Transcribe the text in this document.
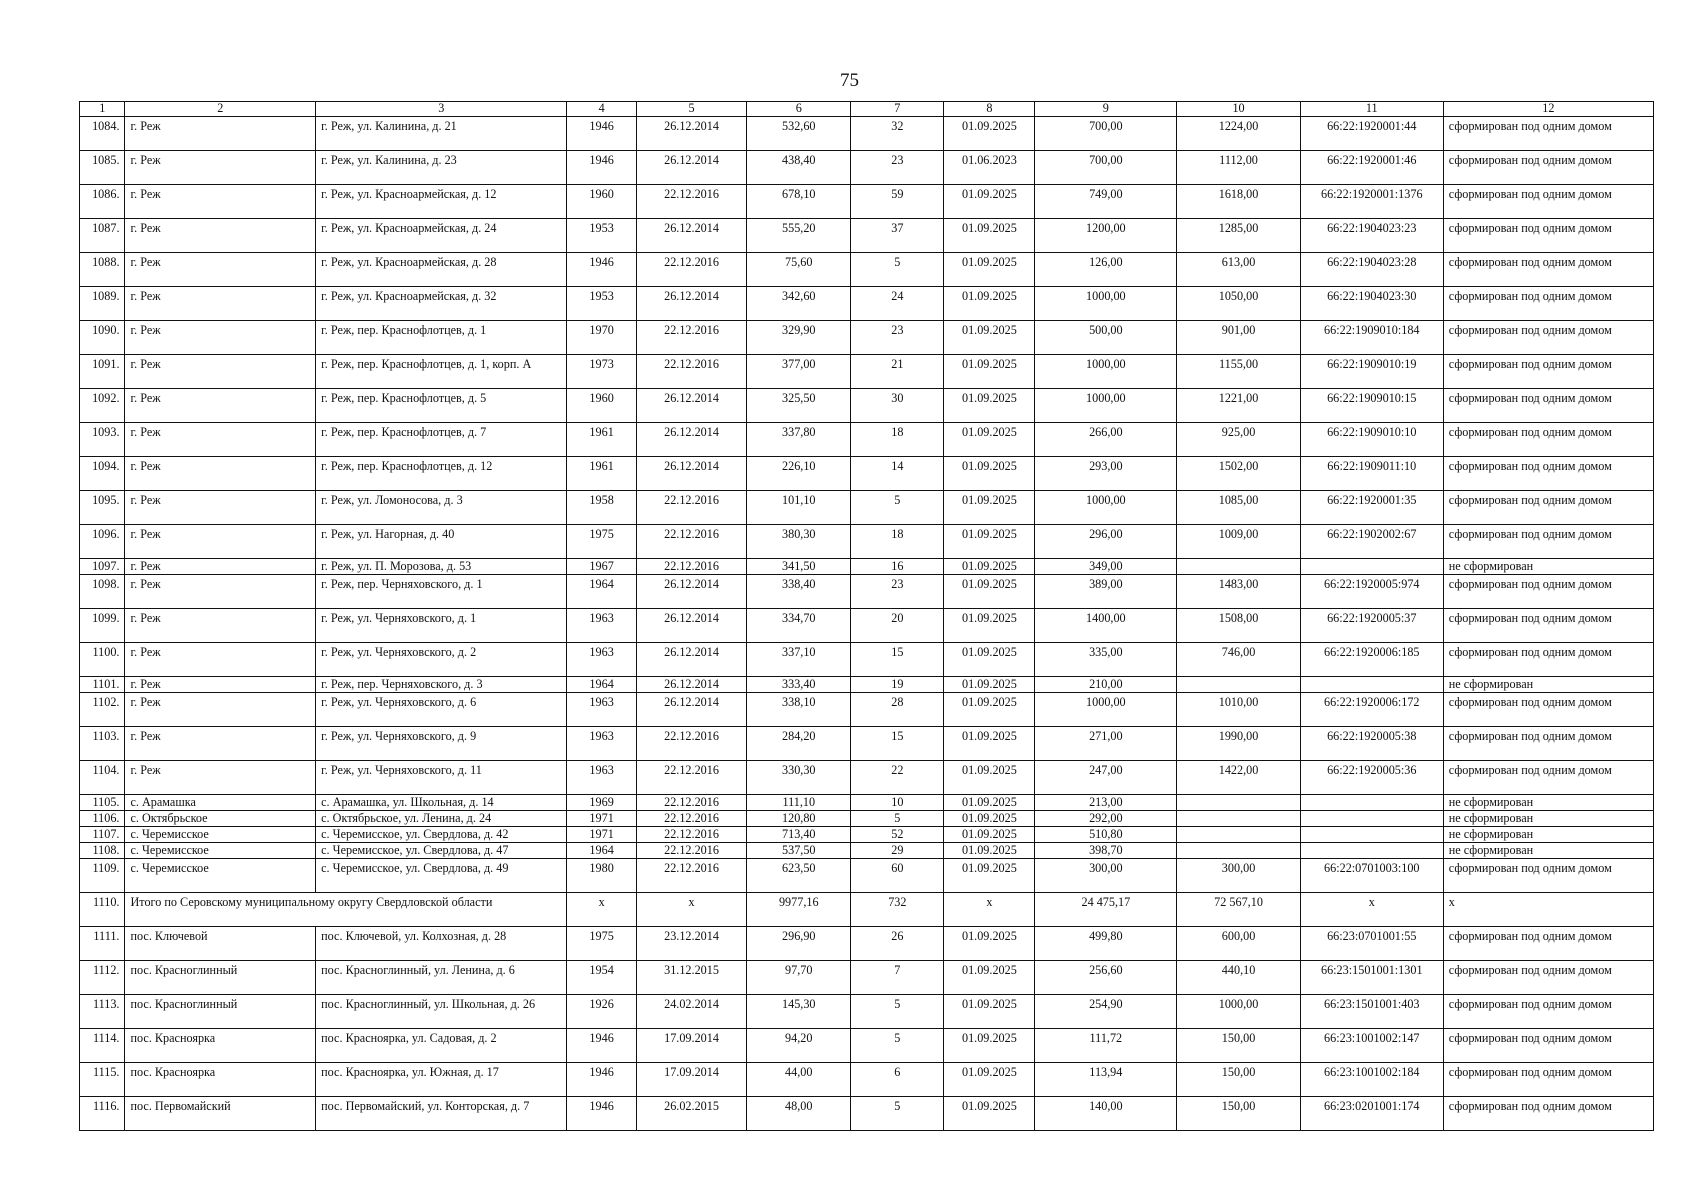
75
1	2	3	4	5	6	7	8	9	10	11	12
1084.	г. Реж	г. Реж, ул. Калинина, д. 21	1946	26.12.2014	532,60	32	01.09.2025	700,00	1224,00	66:22:1920001:44	сформирован под одним домом
1085.	г. Реж	г. Реж, ул. Калинина, д. 23	1946	26.12.2014	438,40	23	01.06.2023	700,00	1112,00	66:22:1920001:46	сформирован под одним домом
1086.	г. Реж	г. Реж, ул. Красноармейская, д. 12	1960	22.12.2016	678,10	59	01.09.2025	749,00	1618,00	66:22:1920001:1376	сформирован под одним домом
1087.	г. Реж	г. Реж, ул. Красноармейская, д. 24	1953	26.12.2014	555,20	37	01.09.2025	1200,00	1285,00	66:22:1904023:23	сформирован под одним домом
1088.	г. Реж	г. Реж, ул. Красноармейская, д. 28	1946	22.12.2016	75,60	5	01.09.2025	126,00	613,00	66:22:1904023:28	сформирован под одним домом
1089.	г. Реж	г. Реж, ул. Красноармейская, д. 32	1953	26.12.2014	342,60	24	01.09.2025	1000,00	1050,00	66:22:1904023:30	сформирован под одним домом
1090.	г. Реж	г. Реж, пер. Краснофлотцев, д. 1	1970	22.12.2016	329,90	23	01.09.2025	500,00	901,00	66:22:1909010:184	сформирован под одним домом
1091.	г. Реж	г. Реж, пер. Краснофлотцев, д. 1, корп. А	1973	22.12.2016	377,00	21	01.09.2025	1000,00	1155,00	66:22:1909010:19	сформирован под одним домом
1092.	г. Реж	г. Реж, пер. Краснофлотцев, д. 5	1960	26.12.2014	325,50	30	01.09.2025	1000,00	1221,00	66:22:1909010:15	сформирован под одним домом
1093.	г. Реж	г. Реж, пер. Краснофлотцев, д. 7	1961	26.12.2014	337,80	18	01.09.2025	266,00	925,00	66:22:1909010:10	сформирован под одним домом
1094.	г. Реж	г. Реж, пер. Краснофлотцев, д. 12	1961	26.12.2014	226,10	14	01.09.2025	293,00	1502,00	66:22:1909011:10	сформирован под одним домом
1095.	г. Реж	г. Реж, ул. Ломоносова, д. 3	1958	22.12.2016	101,10	5	01.09.2025	1000,00	1085,00	66:22:1920001:35	сформирован под одним домом
1096.	г. Реж	г. Реж, ул. Нагорная, д. 40	1975	22.12.2016	380,30	18	01.09.2025	296,00	1009,00	66:22:1902002:67	сформирован под одним домом
1097.	г. Реж	г. Реж, ул. П. Морозова, д. 53	1967	22.12.2016	341,50	16	01.09.2025	349,00			не сформирован
1098.	г. Реж	г. Реж, пер. Черняховского, д. 1	1964	26.12.2014	338,40	23	01.09.2025	389,00	1483,00	66:22:1920005:974	сформирован под одним домом
1099.	г. Реж	г. Реж, ул. Черняховского, д. 1	1963	26.12.2014	334,70	20	01.09.2025	1400,00	1508,00	66:22:1920005:37	сформирован под одним домом
1100.	г. Реж	г. Реж, ул. Черняховского, д. 2	1963	26.12.2014	337,10	15	01.09.2025	335,00	746,00	66:22:1920006:185	сформирован под одним домом
1101.	г. Реж	г. Реж, пер. Черняховского, д. 3	1964	26.12.2014	333,40	19	01.09.2025	210,00			не сформирован
1102.	г. Реж	г. Реж, ул. Черняховского, д. 6	1963	26.12.2014	338,10	28	01.09.2025	1000,00	1010,00	66:22:1920006:172	сформирован под одним домом
1103.	г. Реж	г. Реж, ул. Черняховского, д. 9	1963	22.12.2016	284,20	15	01.09.2025	271,00	1990,00	66:22:1920005:38	сформирован под одним домом
1104.	г. Реж	г. Реж, ул. Черняховского, д. 11	1963	22.12.2016	330,30	22	01.09.2025	247,00	1422,00	66:22:1920005:36	сформирован под одним домом
1105.	с. Арамашка	с. Арамашка, ул. Школьная, д. 14	1969	22.12.2016	111,10	10	01.09.2025	213,00			не сформирован
1106.	с. Октябрьское	с. Октябрьское, ул. Ленина, д. 24	1971	22.12.2016	120,80	5	01.09.2025	292,00			не сформирован
1107.	с. Черемисское	с. Черемисское, ул. Свердлова, д. 42	1971	22.12.2016	713,40	52	01.09.2025	510,80			не сформирован
1108.	с. Черемисское	с. Черемисское, ул. Свердлова, д. 47	1964	22.12.2016	537,50	29	01.09.2025	398,70			не сформирован
1109.	с. Черемисское	с. Черемисское, ул. Свердлова, д. 49	1980	22.12.2016	623,50	60	01.09.2025	300,00	300,00	66:22:0701003:100	сформирован под одним домом
1110.	Итого по Серовскому муниципальному округу Свердловской области		x	x	9977,16	732	x	24 475,17	72 567,10	x	x
1111.	пос. Ключевой	пос. Ключевой, ул. Колхозная, д. 28	1975	23.12.2014	296,90	26	01.09.2025	499,80	600,00	66:23:0701001:55	сформирован под одним домом
1112.	пос. Красноглинный	пос. Красноглинный, ул. Ленина, д. 6	1954	31.12.2015	97,70	7	01.09.2025	256,60	440,10	66:23:1501001:1301	сформирован под одним домом
1113.	пос. Красноглинный	пос. Красноглинный, ул. Школьная, д. 26	1926	24.02.2014	145,30	5	01.09.2025	254,90	1000,00	66:23:1501001:403	сформирован под одним домом
1114.	пос. Красноярка	пос. Красноярка, ул. Садовая, д. 2	1946	17.09.2014	94,20	5	01.09.2025	111,72	150,00	66:23:1001002:147	сформирован под одним домом
1115.	пос. Красноярка	пос. Красноярка, ул. Южная, д. 17	1946	17.09.2014	44,00	6	01.09.2025	113,94	150,00	66:23:1001002:184	сформирован под одним домом
1116.	пос. Первомайский	пос. Первомайский, ул. Конторская, д. 7	1946	26.02.2015	48,00	5	01.09.2025	140,00	150,00	66:23:0201001:174	сформирован под одним домом
